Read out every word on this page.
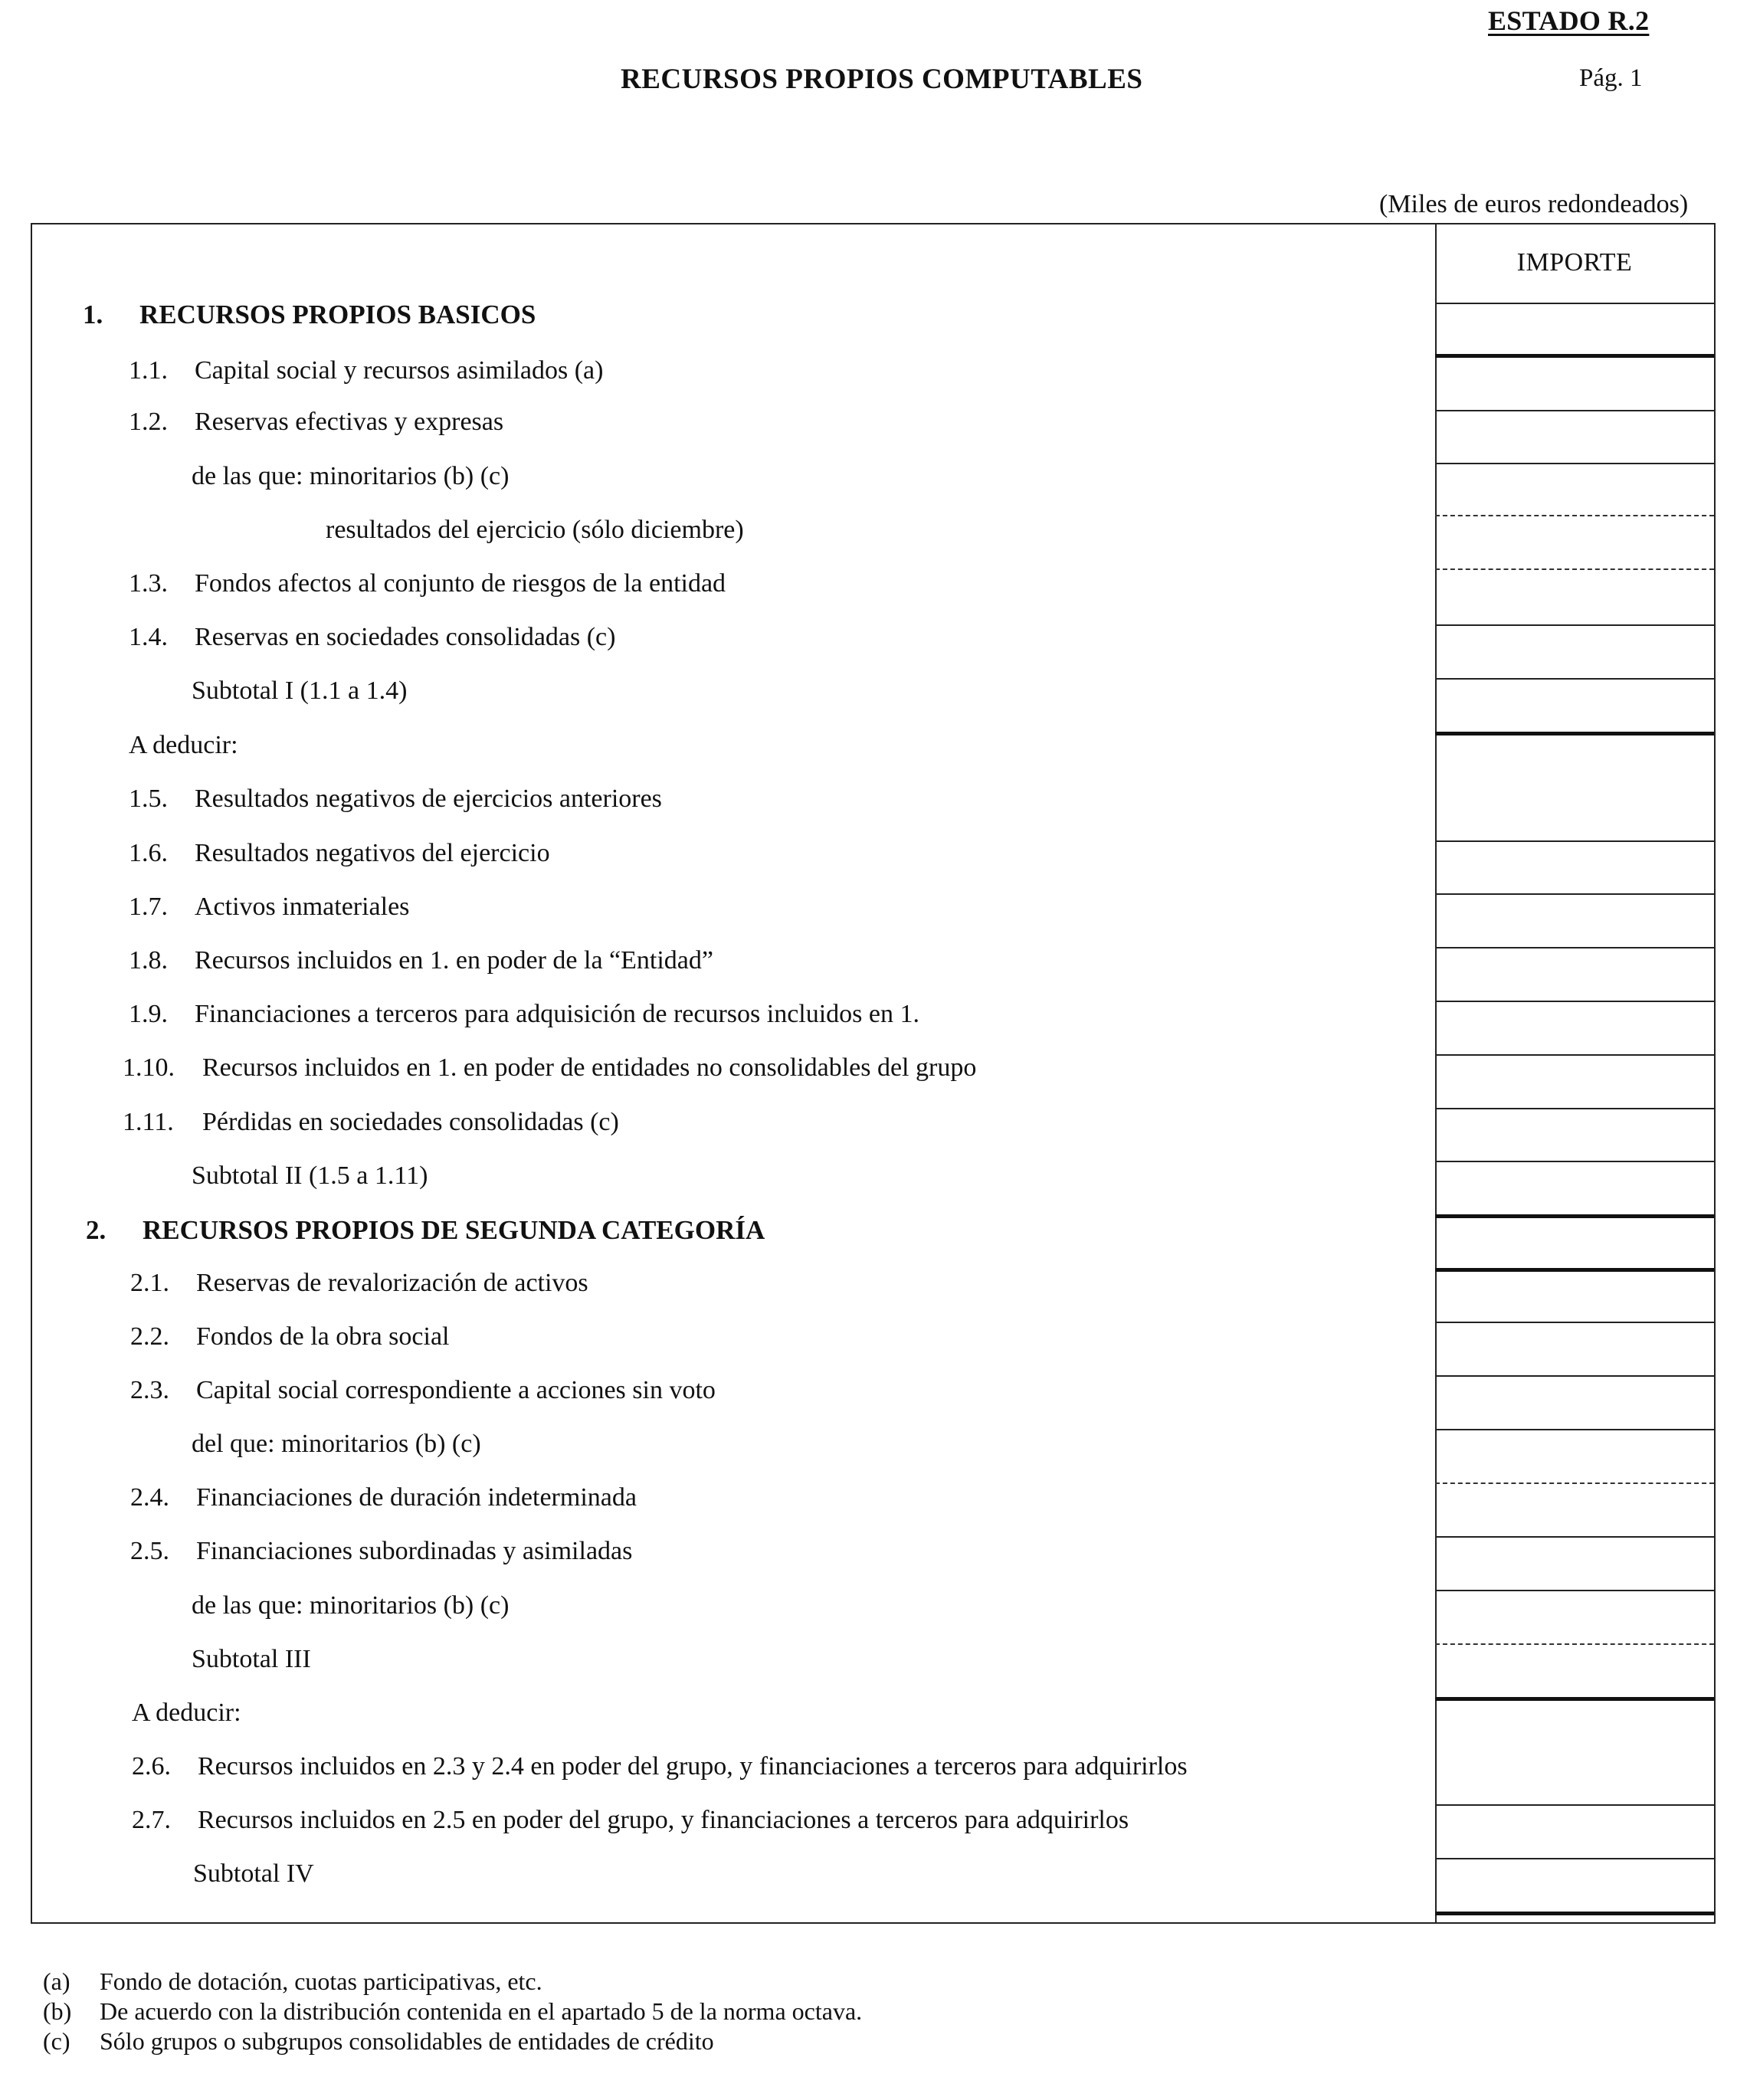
ESTADO R.2
RECURSOS PROPIOS COMPUTABLES	Pág. 1
(Miles de euros redondeados)
IMPORTE
1. RECURSOS PROPIOS BASICOS
1.1. Capital social y recursos asimilados (a)
1.2. Reservas efectivas y expresas
de las que: minoritarios (b) (c)
resultados del ejercicio (sólo diciembre)
1.3. Fondos afectos al conjunto de riesgos de la entidad
1.4. Reservas en sociedades consolidadas (c)
Subtotal I (1.1 a 1.4)
A deducir:
1.5. Resultados negativos de ejercicios anteriores
1.6. Resultados negativos del ejercicio
1.7. Activos inmateriales
1.8. Recursos incluidos en 1. en poder de la “Entidad”
1.9. Financiaciones a terceros para adquisición de recursos incluidos en 1.
1.10. Recursos incluidos en 1. en poder de entidades no consolidables del grupo
1.11. Pérdidas en sociedades consolidadas (c)
Subtotal II (1.5 a 1.11)
2. RECURSOS PROPIOS DE SEGUNDA CATEGORÍA
2.1. Reservas de revalorización de activos
2.2. Fondos de la obra social
2.3. Capital social correspondiente a acciones sin voto
del que: minoritarios (b) (c)
2.4. Financiaciones de duración indeterminada
2.5. Financiaciones subordinadas y asimiladas
de las que: minoritarios (b) (c)
Subtotal III
A deducir:
2.6. Recursos incluidos en 2.3 y 2.4 en poder del grupo, y financiaciones a terceros para adquirirlos
2.7. Recursos incluidos en 2.5 en poder del grupo, y financiaciones a terceros para adquirirlos
Subtotal IV
(a) Fondo de dotación, cuotas participativas, etc.
(b) De acuerdo con la distribución contenida en el apartado 5 de la norma octava.
(c) Sólo grupos o subgrupos consolidables de entidades de crédito
